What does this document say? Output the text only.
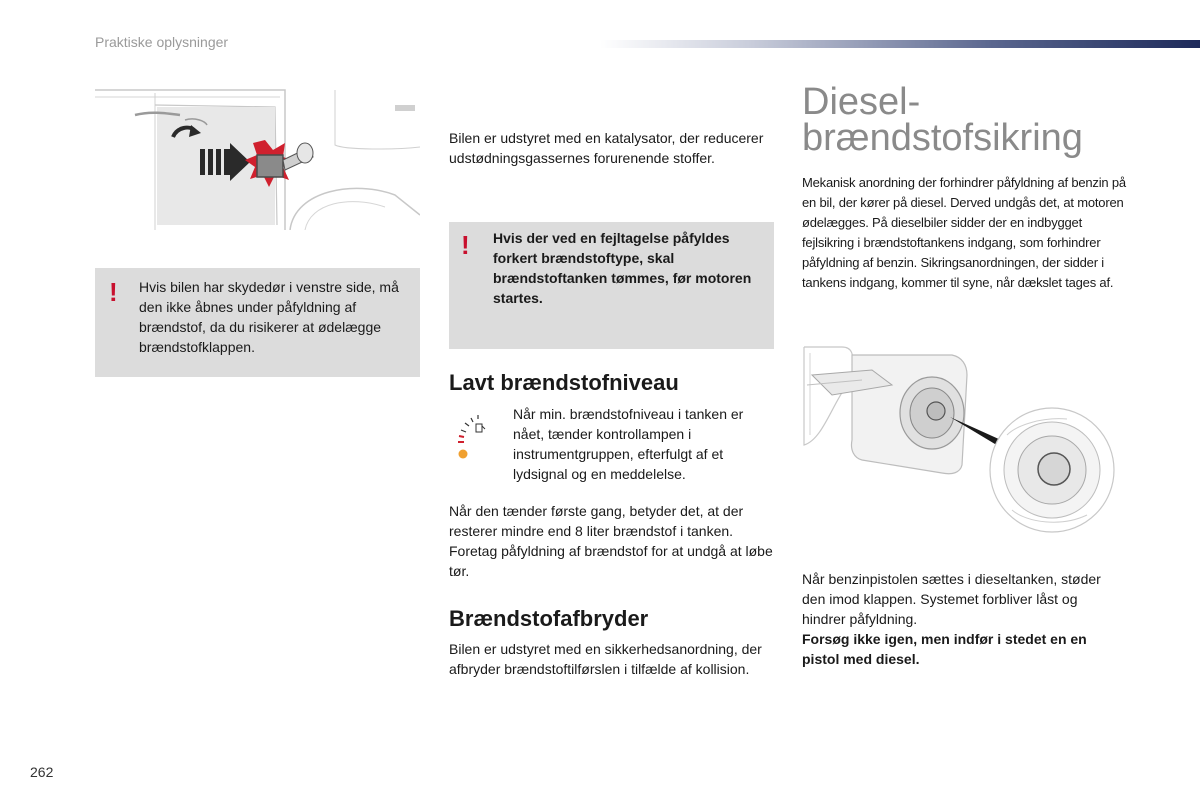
Praktiske oplysninger
! Hvis bilen har skydedør i venstre side, må den ikke åbnes under påfyldning af brændstof, da du risikerer at ødelægge brændstofklappen.
Bilen er udstyret med en katalysator, der reducerer udstødningsgassernes forurenende stoffer.
! Hvis der ved en fejltagelse påfyldes forkert brændstoftype, skal brændstoftanken tømmes, før motoren startes.
Lavt brændstofniveau
Når min. brændstofniveau i tanken er nået, tænder kontrollampen i instrumentgruppen, efterfulgt af et lydsignal og en meddelelse.
Når den tænder første gang, betyder det, at der resterer mindre end 8 liter brændstof i tanken. Foretag påfyldning af brændstof for at undgå at løbe tør.
Brændstofafbryder
Bilen er udstyret med en sikkerhedsanordning, der afbryder brændstoftilførslen i tilfælde af kollision.
Diesel-
brændstofsikring
Mekanisk anordning der forhindrer påfyldning af benzin på en bil, der kører på diesel. Derved undgås det, at motoren ødelægges. På dieselbiler sidder der en indbygget fejlsikring i brændstoftankens indgang, som forhindrer påfyldning af benzin. Sikringsanordningen, der sidder i tankens indgang, kommer til syne, når dækslet tages af.
Når benzinpistolen sættes i dieseltanken, støder den imod klappen. Systemet forbliver låst og hindrer påfyldning.
Forsøg ikke igen, men indfør i stedet en en pistol med diesel.
262
